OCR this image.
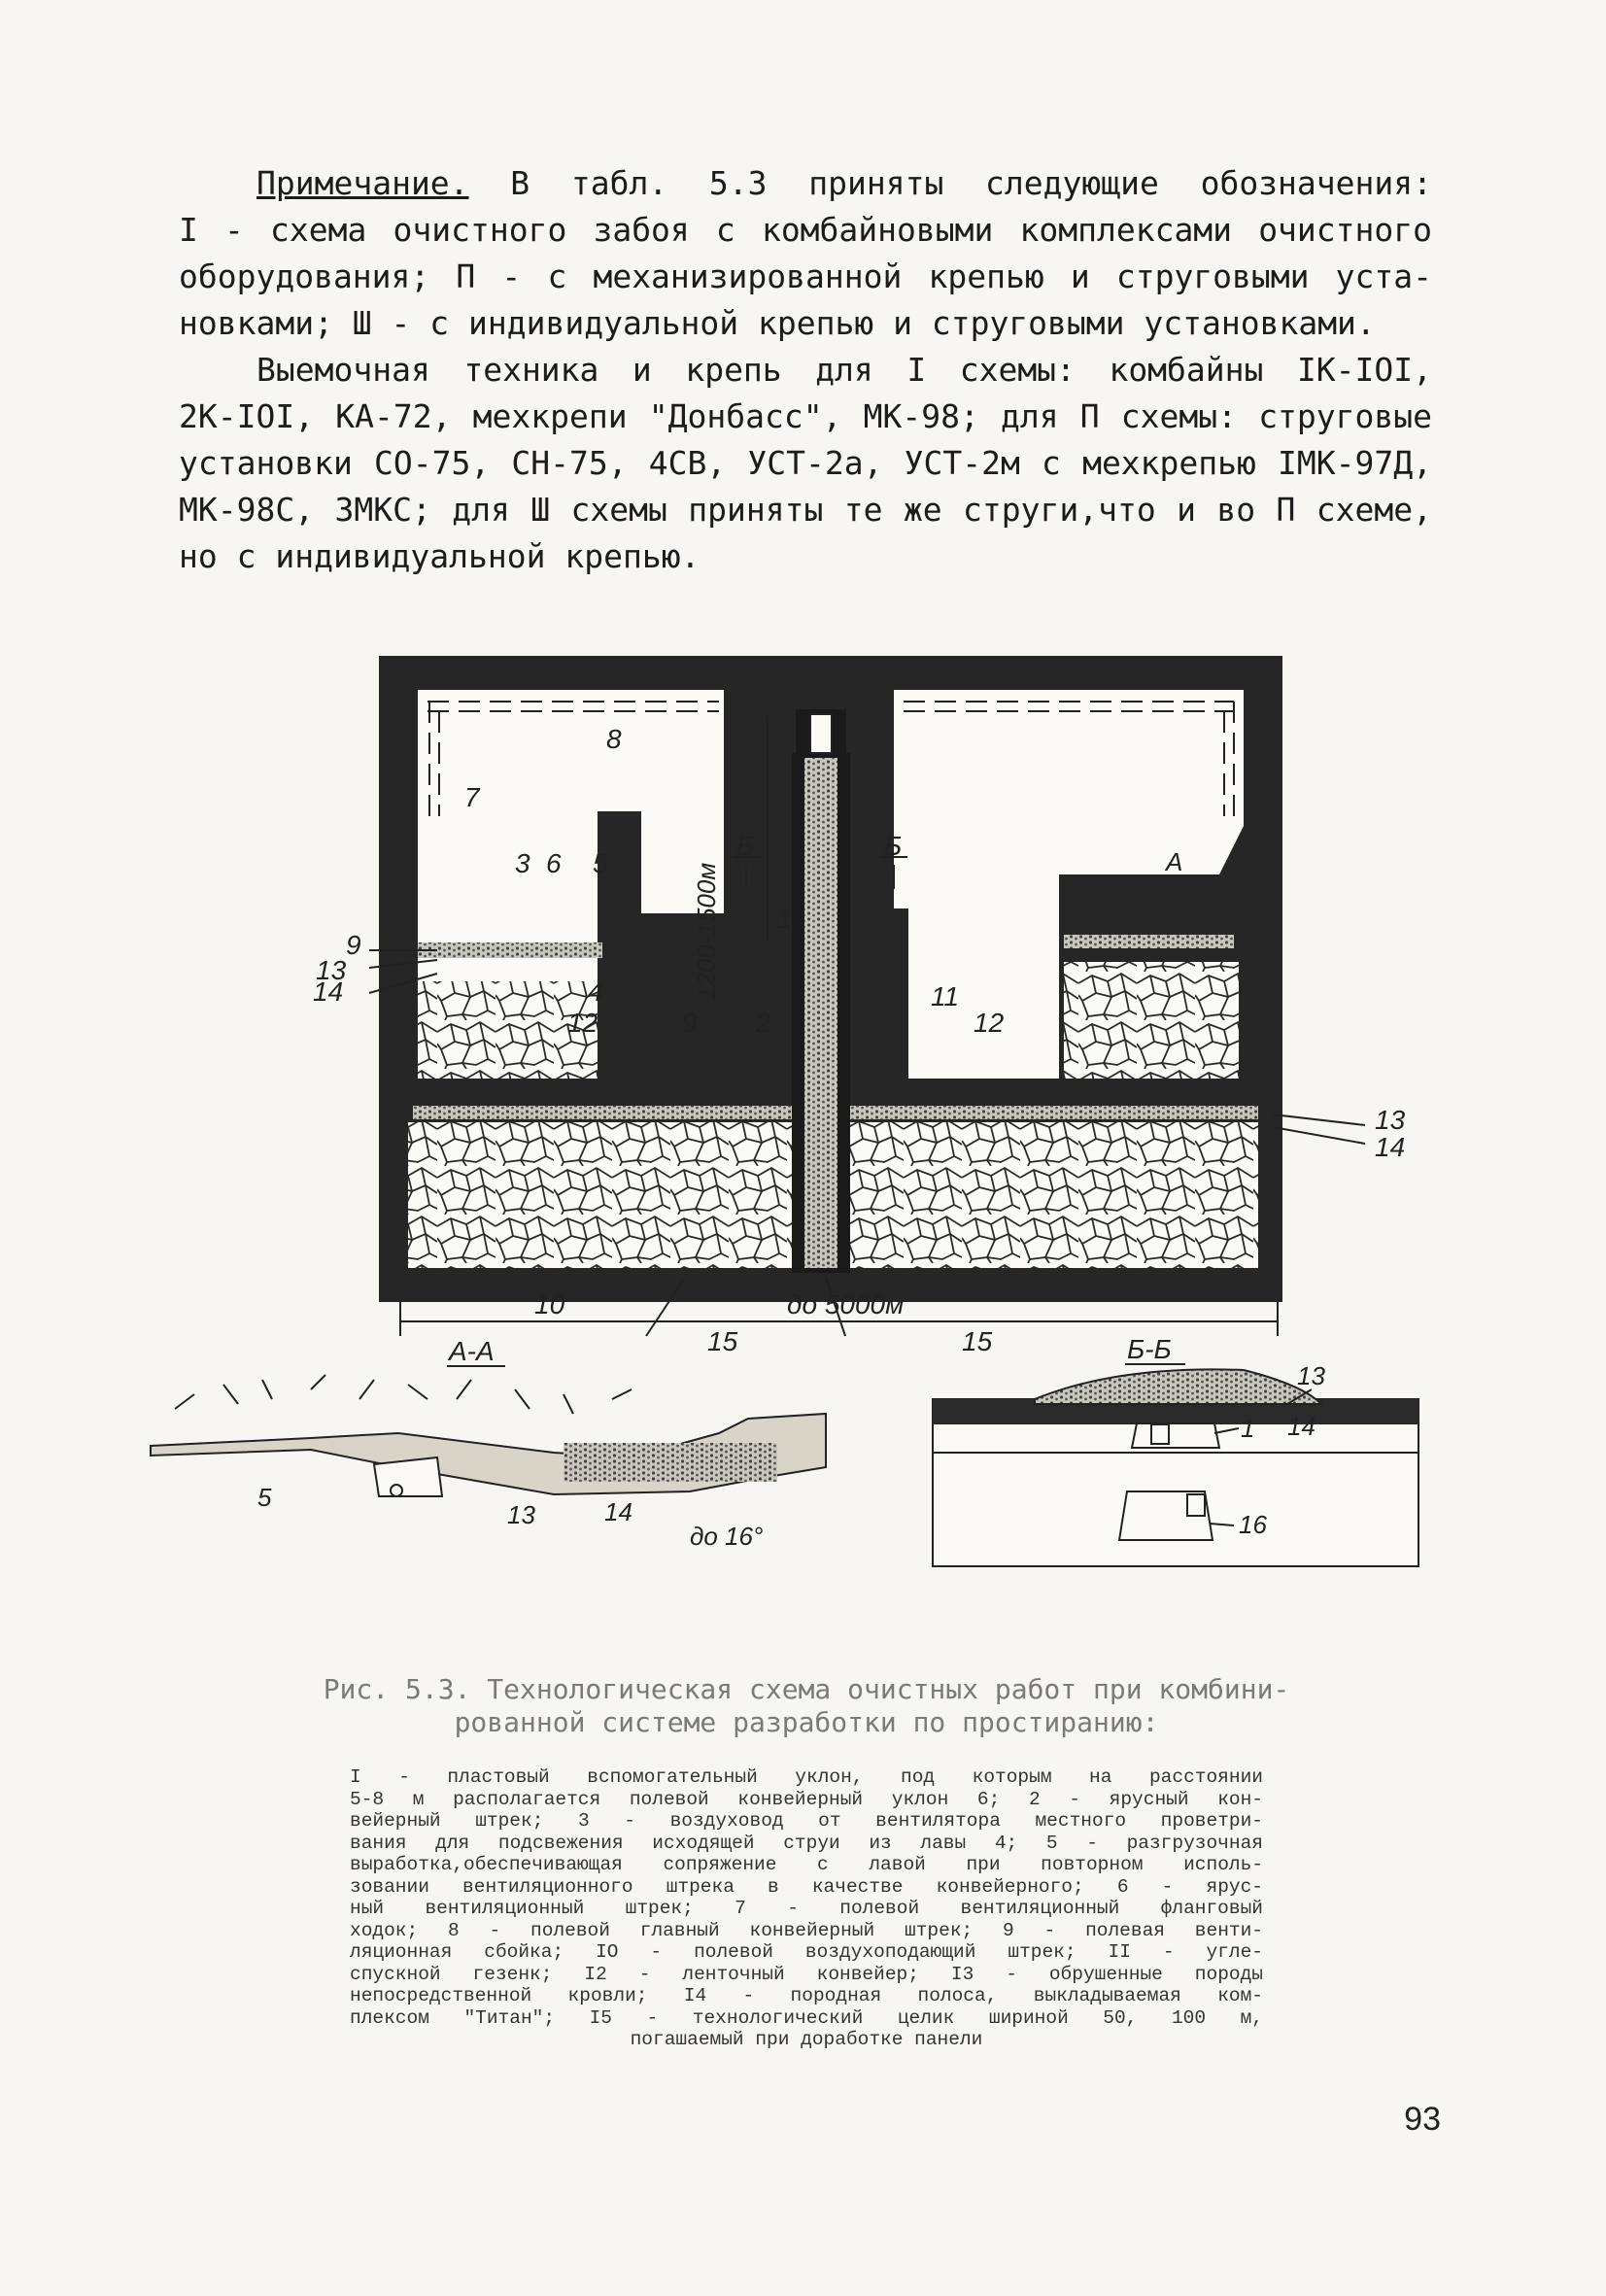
Примечание. В табл. 5.3 приняты следующие обозначения:
I - схема очистного забоя с комбайновыми комплексами очистного
оборудования; П - с механизированной крепью и струговыми уста-
новками; Ш - с индивидуальной крепью и струговыми установками.
Выемочная техника и крепь для I схемы: комбайны IК-IОI,
2К-IОI, КА-72, мехкрепи "Донбасс", МК-98; для П схемы: струговые
установки СО-75, СН-75, 4СВ, УСТ-2а, УСТ-2м с мехкрепью IМК-97Д,
МК-98С, 3МКС; для Ш схемы приняты те же струги,что и во П схеме,
но с индивидуальной крепью.
8
7
3 6 5
9
13
14	4
12	9 2
1
11
12
Б	Б
А
13
14
10	до 5000м
15	15
1200-1500м
А-А
5
13	14
до 16°
Б-Б
1
13
14
16
Рис. 5.3. Технологическая схема очистных работ при комбини-
рованной системе разработки по простиранию:
I - пластовый вспомогательный уклон, под которым на расстоянии
5-8 м располагается полевой конвейерный уклон 6; 2 - ярусный кон-
вейерный штрек; 3 - воздуховод от вентилятора местного проветри-
вания для подсвежения исходящей струи из лавы 4; 5 - разгрузочная
выработка,обеспечивающая сопряжение с лавой при повторном исполь-
зовании вентиляционного штрека в качестве конвейерного; 6 - ярус-
ный вентиляционный штрек; 7 - полевой вентиляционный фланговый
ходок; 8 - полевой главный конвейерный штрек; 9 - полевая венти-
ляционная сбойка; IO - полевой воздухоподающий штрек; II - угле-
спускной гезенк; I2 - ленточный конвейер; I3 - обрушенные породы
непосредственной кровли; I4 - породная полоса, выкладываемая ком-
плексом "Титан"; I5 - технологический целик шириной 50, 100 м,
погашаемый при доработке панели
93
